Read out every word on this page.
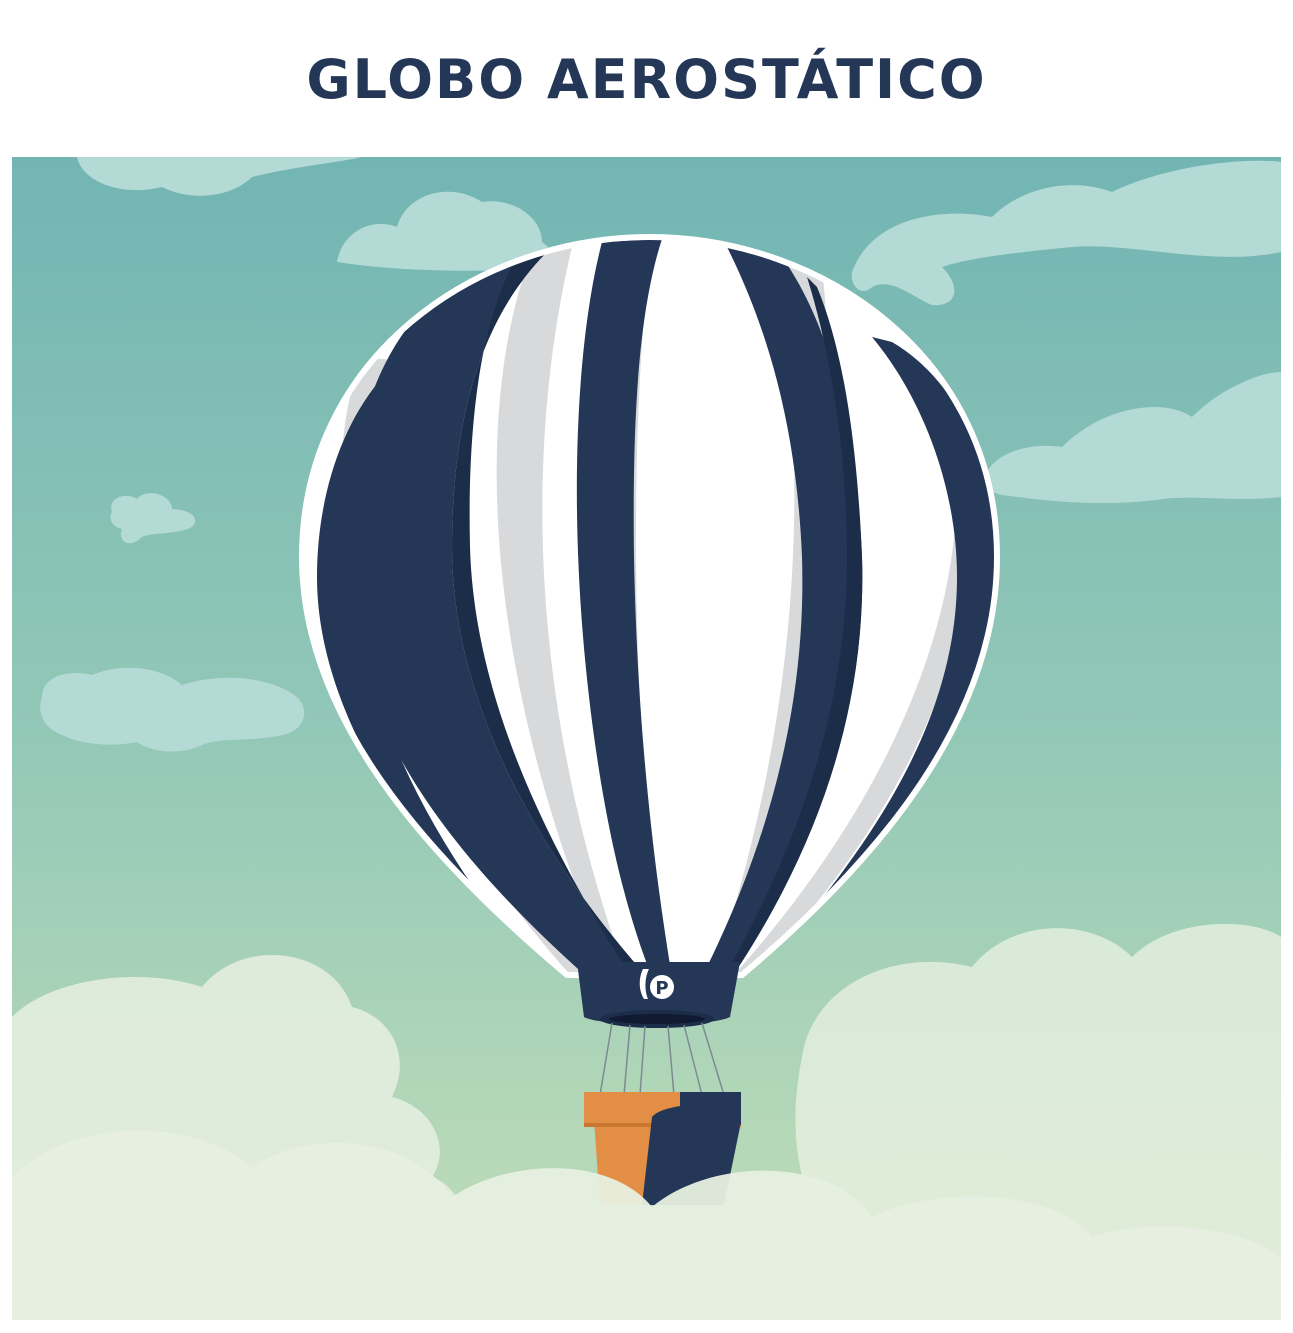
GLOBO AEROSTÁTICO
P
